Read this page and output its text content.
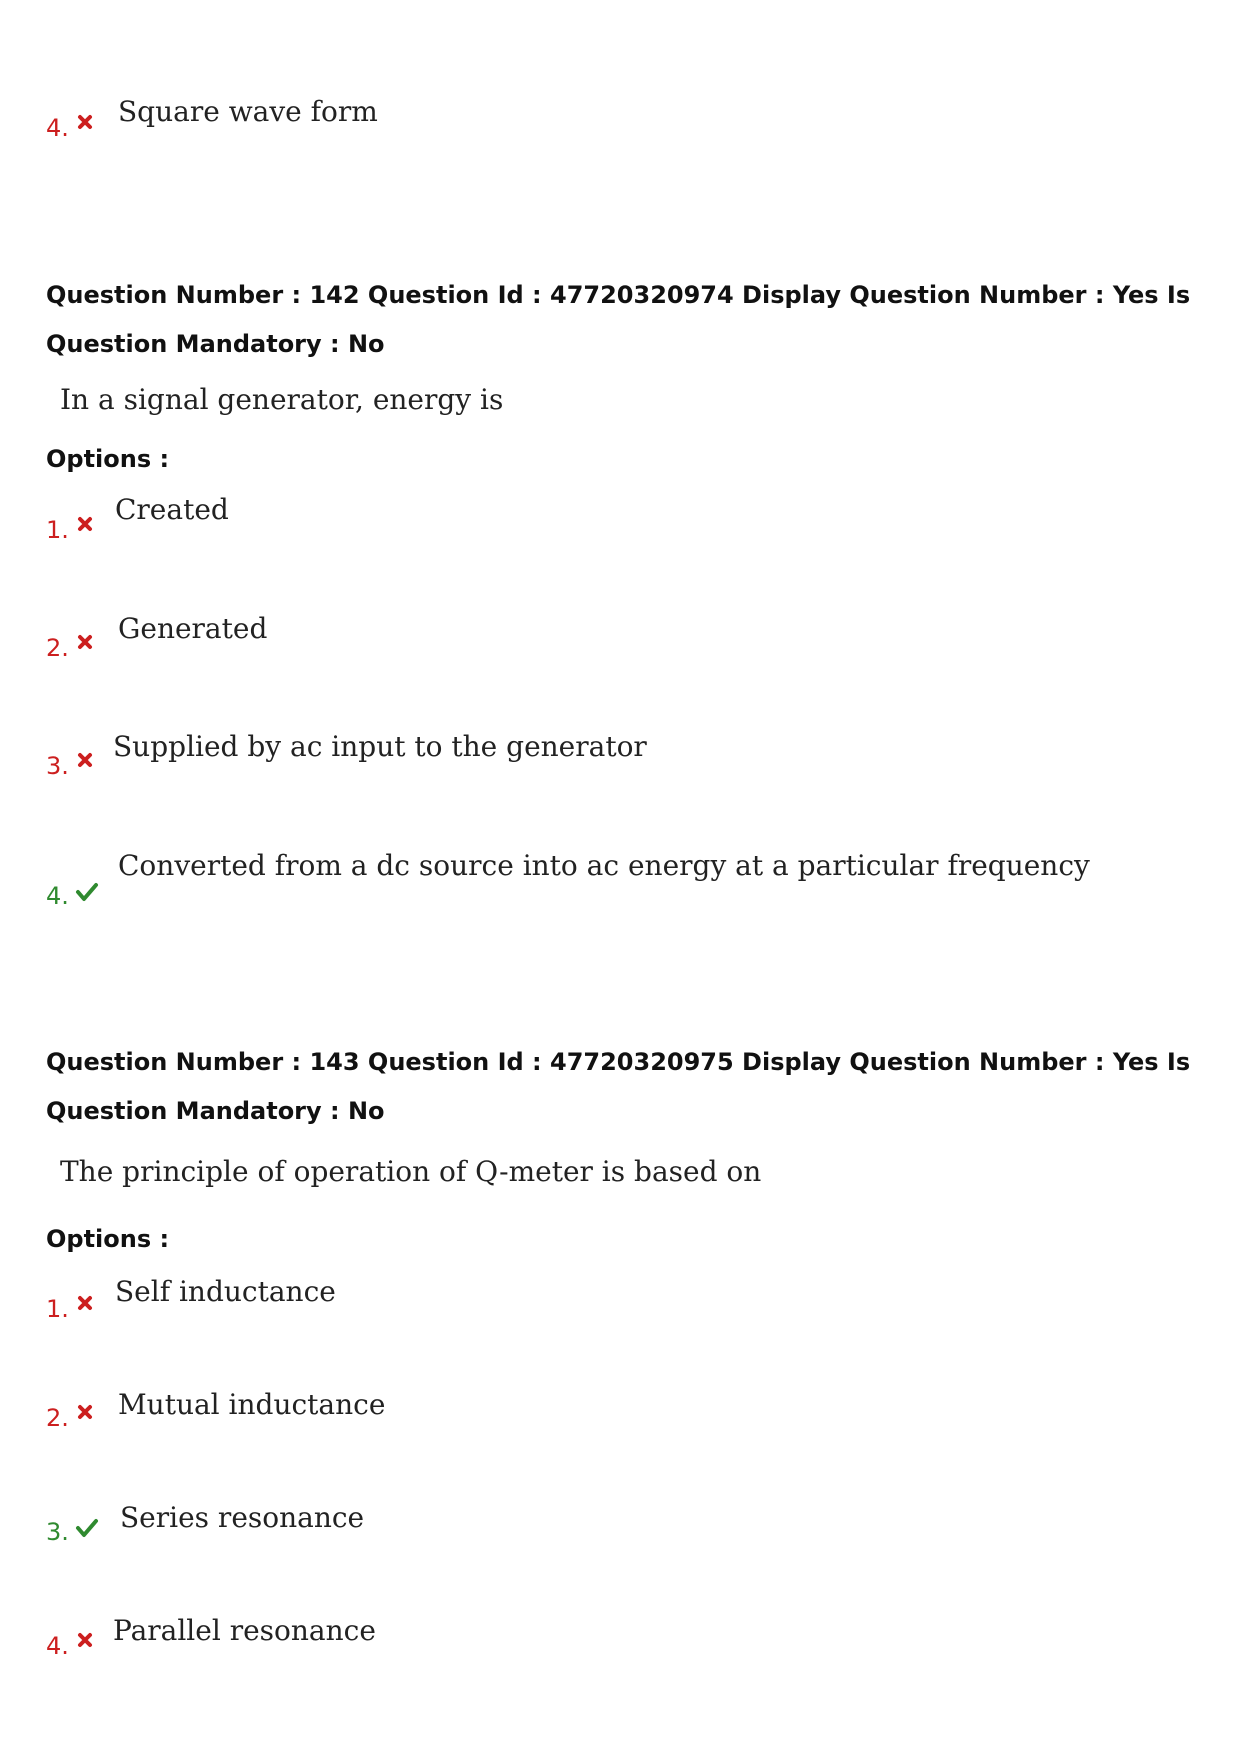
4. Square wave form
Question Number : 142 Question Id : 47720320974 Display Question Number : Yes Is Question Mandatory : No
In a signal generator, energy is
Options :
1.
Created
2.
Generated
3.
Supplied by ac input to the generator
4.
Converted from a dc source into ac energy at a particular frequency
Question Number : 143 Question Id : 47720320975 Display Question Number : Yes Is Question Mandatory : No
The principle of operation of Q-meter is based on
Options :
1.
Self inductance
2. Mutual inductance
3. Series resonance
4. Parallel resonance
